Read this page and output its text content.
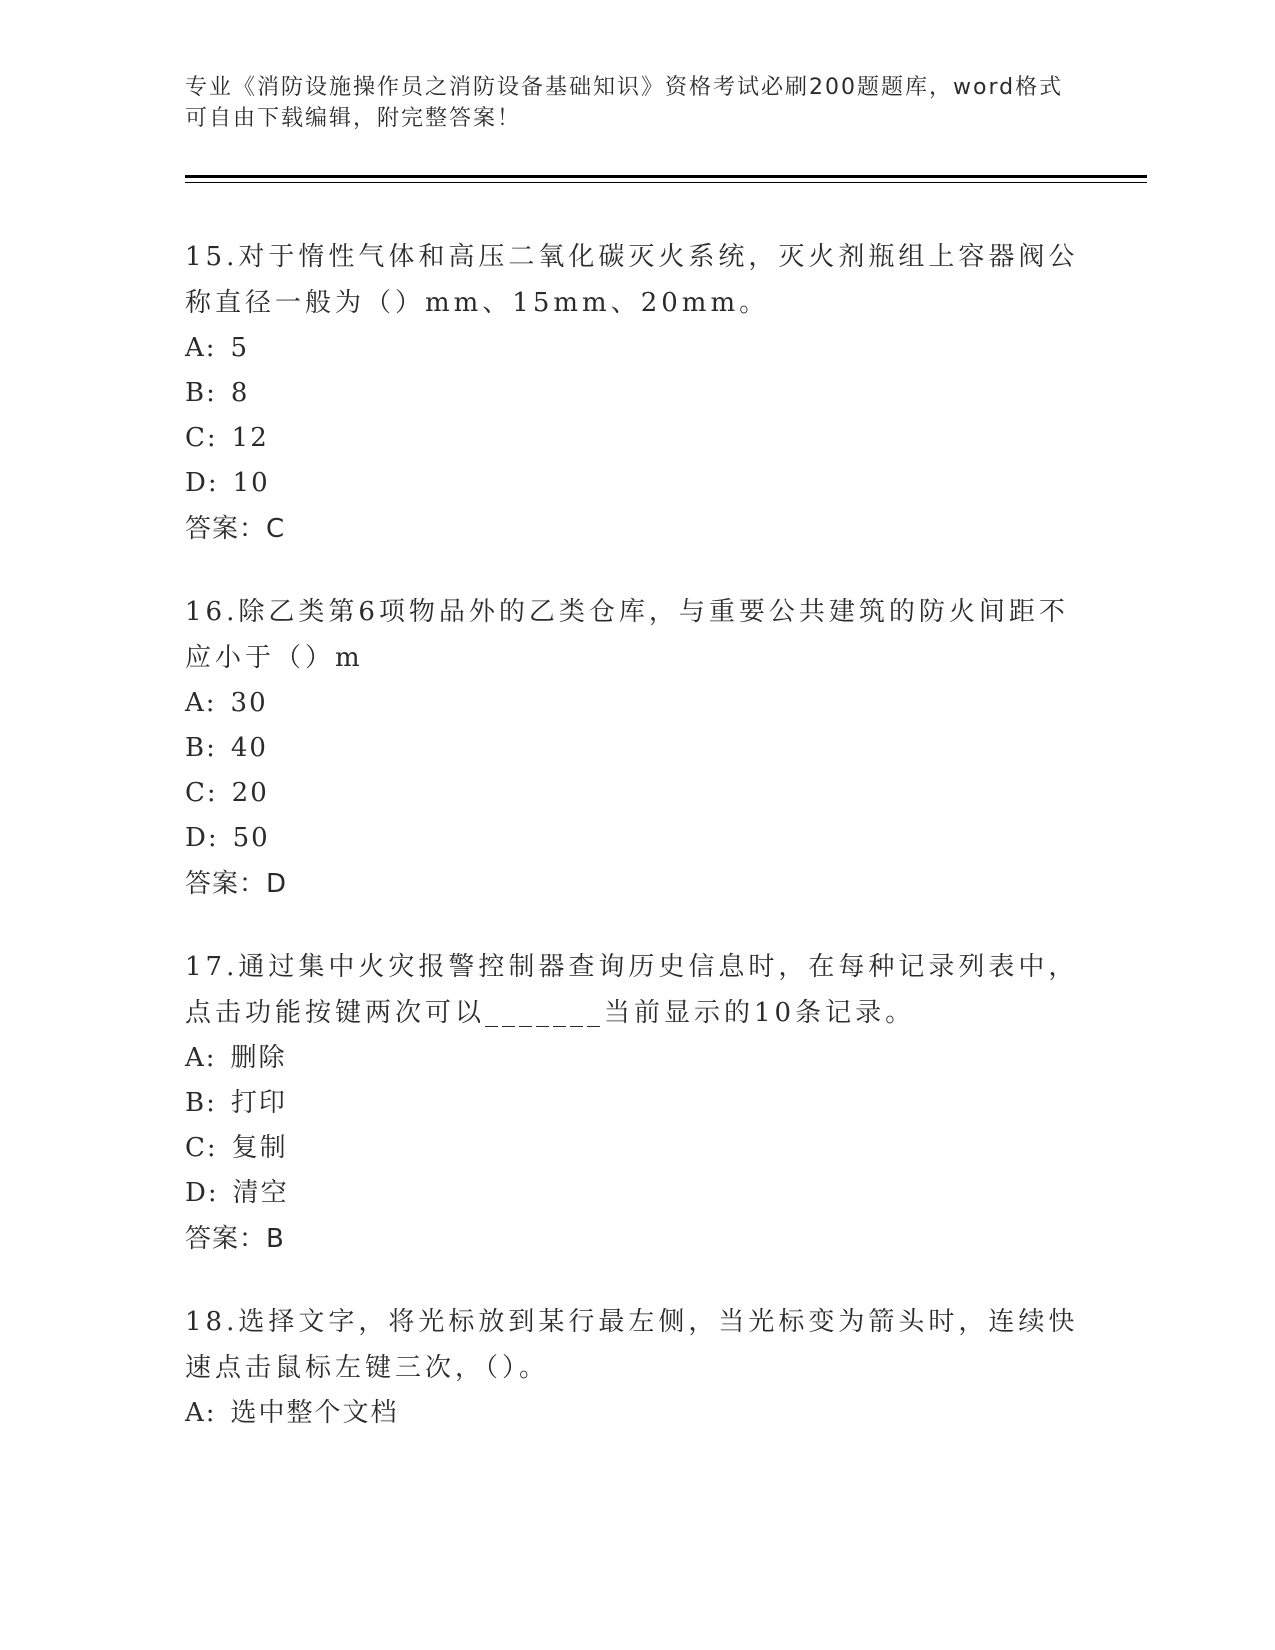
专业《消防设施操作员之消防设备基础知识》资格考试必刷200题题库，word格式可自由下载编辑，附完整答案！

15.对于惰性气体和高压二氧化碳灭火系统，灭火剂瓶组上容器阀公称直径一般为（）mm、15mm、20mm。

A: 5

B: 8

C: 12

D: 10

答案：C

16.除乙类第6项物品外的乙类仓库，与重要公共建筑的防火间距不应小于（）m

A: 30

B: 40

C: 20

D: 50

答案：D

17.通过集中火灾报警控制器查询历史信息时，在每种记录列表中，点击功能按键两次可以_______当前显示的10条记录。

A: 删除

B: 打印

C: 复制

D: 清空

答案：B

18.选择文字，将光标放到某行最左侧，当光标变为箭头时，连续快速点击鼠标左键三次，（）。

A: 选中整个文档
